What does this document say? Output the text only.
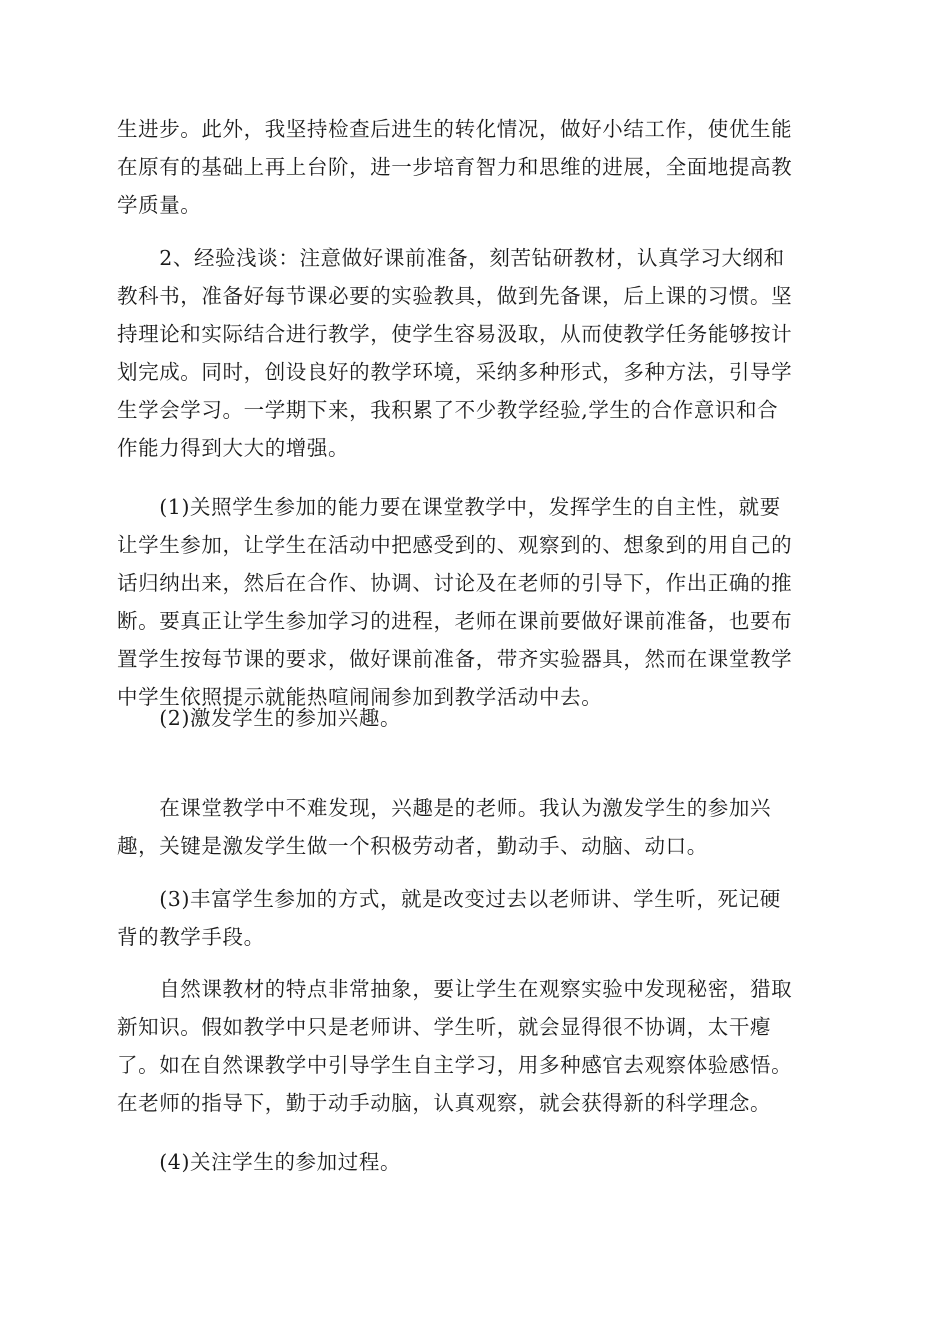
生进步。此外，我坚持检查后进生的转化情况，做好小结工作，使优生能
在原有的基础上再上台阶，进一步培育智力和思维的进展，全面地提高教
学质量。

　　2、经验浅谈：注意做好课前准备，刻苦钻研教材，认真学习大纲和
教科书，准备好每节课必要的实验教具，做到先备课，后上课的习惯。坚
持理论和实际结合进行教学，使学生容易汲取，从而使教学任务能够按计
划完成。同时，创设良好的教学环境，采纳多种形式，多种方法，引导学
生学会学习。一学期下来，我积累了不少教学经验,学生的合作意识和合
作能力得到大大的增强。

　　(1)关照学生参加的能力要在课堂教学中，发挥学生的自主性，就要
让学生参加，让学生在活动中把感受到的、观察到的、想象到的用自己的
话归纳出来，然后在合作、协调、讨论及在老师的引导下，作出正确的推
断。要真正让学生参加学习的进程，老师在课前要做好课前准备，也要布
置学生按每节课的要求，做好课前准备，带齐实验器具，然而在课堂教学
中学生依照提示就能热喧闹闹参加到教学活动中去。

　　(2)激发学生的参加兴趣。

　　在课堂教学中不难发现，兴趣是的老师。我认为激发学生的参加兴
趣，关键是激发学生做一个积极劳动者，勤动手、动脑、动口。

　　(3)丰富学生参加的方式，就是改变过去以老师讲、学生听，死记硬
背的教学手段。

　　自然课教材的特点非常抽象，要让学生在观察实验中发现秘密，猎取
新知识。假如教学中只是老师讲、学生听，就会显得很不协调，太干瘪
了。如在自然课教学中引导学生自主学习，用多种感官去观察体验感悟。
在老师的指导下，勤于动手动脑，认真观察，就会获得新的科学理念。

　　(4)关注学生的参加过程。
